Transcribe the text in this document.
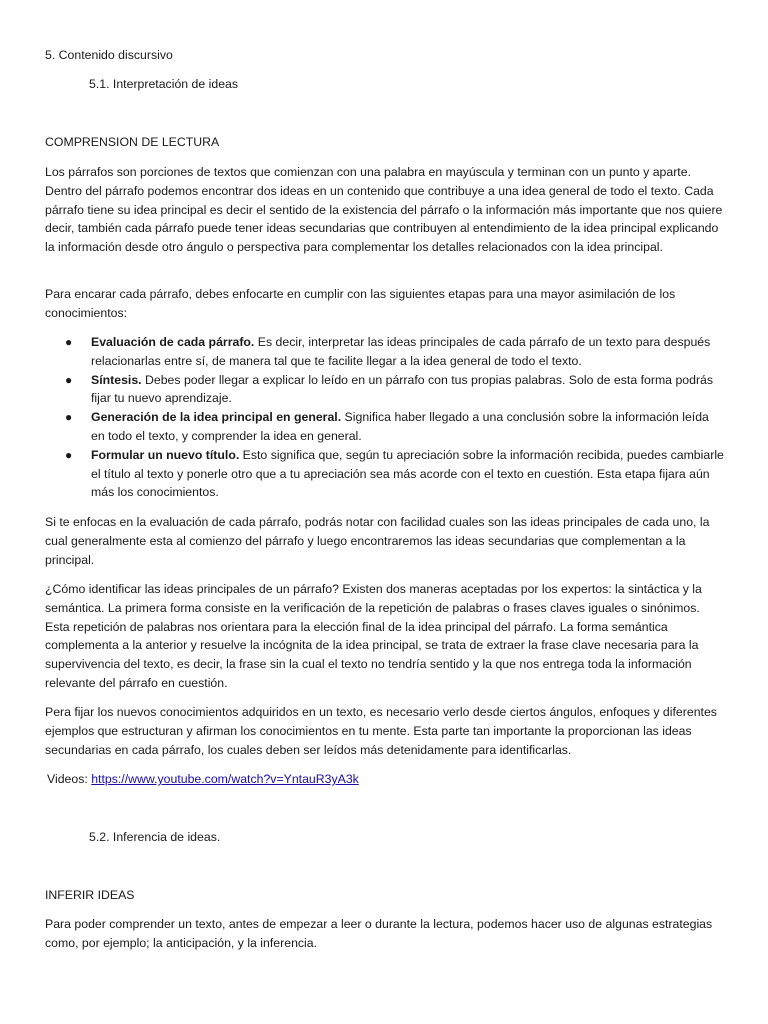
5. Contenido discursivo

5.1. Interpretación de ideas

COMPRENSION DE LECTURA

Los párrafos son porciones de textos que comienzan con una palabra en mayúscula y terminan con un punto y aparte. Dentro del párrafo podemos encontrar dos ideas en un contenido que contribuye a una idea general de todo el texto. Cada párrafo tiene su idea principal es decir el sentido de la existencia del párrafo o la información más importante que nos quiere decir, también cada párrafo puede tener ideas secundarias que contribuyen al entendimiento de la idea principal explicando la información desde otro ángulo o perspectiva para complementar los detalles relacionados con la idea principal.

Para encarar cada párrafo, debes enfocarte en cumplir con las siguientes etapas para una mayor asimilación de los conocimientos:

● Evaluación de cada párrafo. Es decir, interpretar las ideas principales de cada párrafo de un texto para después relacionarlas entre sí, de manera tal que te facilite llegar a la idea general de todo el texto.
● Síntesis. Debes poder llegar a explicar lo leído en un párrafo con tus propias palabras. Solo de esta forma podrás fijar tu nuevo aprendizaje.
● Generación de la idea principal en general. Significa haber llegado a una conclusión sobre la información leída en todo el texto, y comprender la idea en general.
● Formular un nuevo título. Esto significa que, según tu apreciación sobre la información recibida, puedes cambiarle el título al texto y ponerle otro que a tu apreciación sea más acorde con el texto en cuestión. Esta etapa fijara aún más los conocimientos.

Si te enfocas en la evaluación de cada párrafo, podrás notar con facilidad cuales son las ideas principales de cada uno, la cual generalmente esta al comienzo del párrafo y luego encontraremos las ideas secundarias que complementan a la principal.

¿Cómo identificar las ideas principales de un párrafo? Existen dos maneras aceptadas por los expertos: la sintáctica y la semántica. La primera forma consiste en la verificación de la repetición de palabras o frases claves iguales o sinónimos. Esta repetición de palabras nos orientara para la elección final de la idea principal del párrafo. La forma semántica complementa a la anterior y resuelve la incógnita de la idea principal, se trata de extraer la frase clave necesaria para la supervivencia del texto, es decir, la frase sin la cual el texto no tendría sentido y la que nos entrega toda la información relevante del párrafo en cuestión.

Pera fijar los nuevos conocimientos adquiridos en un texto, es necesario verlo desde ciertos ángulos, enfoques y diferentes ejemplos que estructuran y afirman los conocimientos en tu mente. Esta parte tan importante la proporcionan las ideas secundarias en cada párrafo, los cuales deben ser leídos más detenidamente para identificarlas.

Videos: https://www.youtube.com/watch?v=YntauR3yA3k

5.2. Inferencia de ideas.

INFERIR IDEAS

Para poder comprender un texto, antes de empezar a leer o durante la lectura, podemos hacer uso de algunas estrategias como, por ejemplo; la anticipación, y la inferencia.
